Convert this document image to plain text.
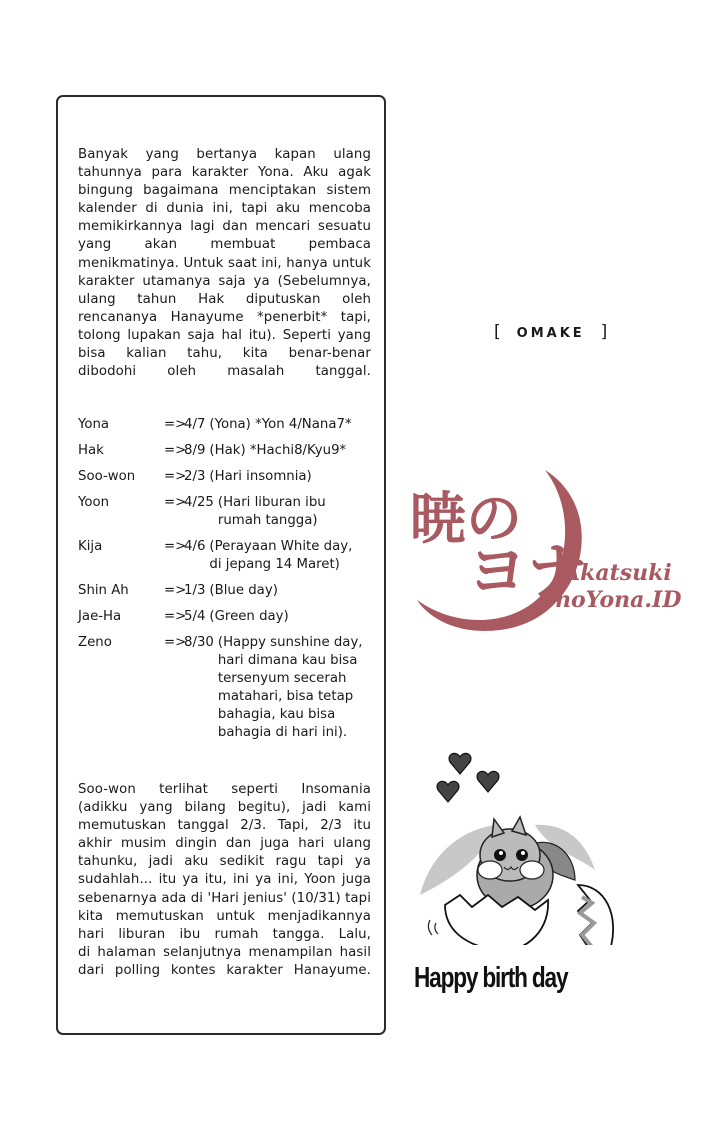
Banyak yang bertanya kapan ulang
tahunnya para karakter Yona. Aku agak
bingung bagaimana menciptakan sistem
kalender di dunia ini, tapi aku mencoba
memikirkannya lagi dan mencari sesuatu
yang akan membuat pembaca
menikmatinya. Untuk saat ini, hanya untuk
karakter utamanya saja ya (Sebelumnya,
ulang tahun Hak diputuskan oleh
rencananya Hanayume *penerbit* tapi,
tolong lupakan saja hal itu). Seperti yang
bisa kalian tahu, kita benar-benar
dibodohi oleh masalah tanggal.
Yona	=>
4/7 (Yona) *Yon 4/Nana7*
Hak	=>
8/9 (Hak) *Hachi8/Kyu9*
Soo-won	=>
2/3 (Hari insomnia)
Yoon	=>
4/25 (Hari liburan ibu
rumah tangga)
Kija	=>
4/6 (Perayaan White day,
di jepang 14 Maret)
Shin Ah	=>
1/3 (Blue day)
Jae-Ha	=>
5/4 (Green day)
Zeno	=>
8/30 (Happy sunshine day,
hari dimana kau bisa
tersenyum secerah
matahari, bisa tetap
bahagia, kau bisa
bahagia di hari ini).
Soo-won terlihat seperti Insomania
(adikku yang bilang begitu), jadi kami
memutuskan tanggal 2/3. Tapi, 2/3 itu
akhir musim dingin dan juga hari ulang
tahunku, jadi aku sedikit ragu tapi ya
sudahlah... itu ya itu, ini ya ini, Yoon juga
sebenarnya ada di 'Hari jenius' (10/31) tapi
kita memutuskan untuk menjadikannya
hari liburan ibu rumah tangga. Lalu,
di halaman selanjutnya menampilan hasil
dari polling kontes karakter Hanayume.
[ OMAKE ]
暁の
ヨナ
Akatsuki
noYona.ID
Happy birth day
